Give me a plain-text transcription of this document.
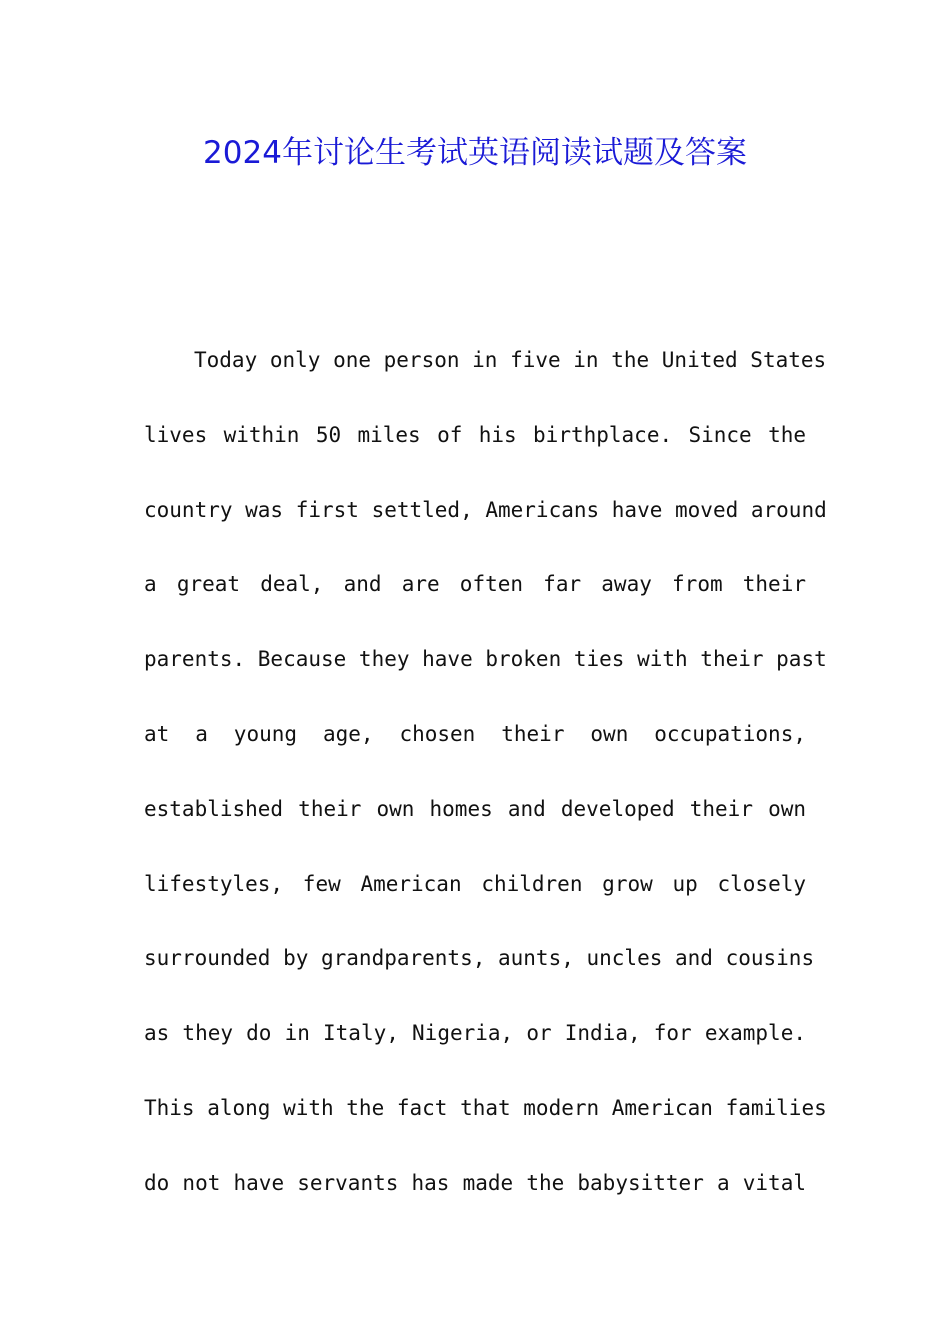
2024年讨论生考试英语阅读试题及答案
Today only one person in five in the United States
lives within 50 miles of his birthplace. Since the
country was first settled, Americans have moved around
a great deal, and are often far away from their
parents. Because they have broken ties with their past
at a young age, chosen their own occupations,
established their own homes and developed their own
lifestyles, few American children grow up closely
surrounded by grandparents, aunts, uncles and cousins
as they do in Italy, Nigeria, or India, for example.
This along with the fact that modern American families
do not have servants has made the babysitter a vital
